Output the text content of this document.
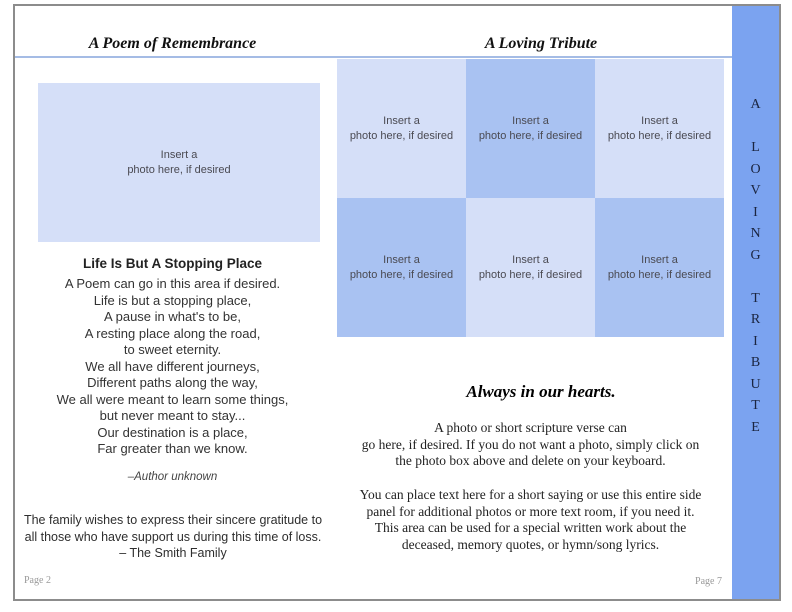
A Poem of Remembrance	A Loving Tribute
Insert a
photo here, if desired
Life Is But A Stopping Place
A Poem can go in this area if desired.
Life is but a stopping place,
A pause in what's to be,
A resting place along the road,
to sweet eternity.
We all have different journeys,
Different paths along the way,
We all were meant to learn some things,
but never meant to stay...
Our destination is a place,
Far greater than we know.
–Author unknown
The family wishes to express their sincere gratitude to
all those who have support us during this time of loss.
– The Smith Family
Page 2
Insert a
photo here, if desired
Insert a
photo here, if desired
Insert a
photo here, if desired
Insert a
photo here, if desired
Insert a
photo here, if desired
Insert a
photo here, if desired
Always in our hearts.
A photo or short scripture verse can
go here, if desired. If you do not want a photo, simply click on
the photo box above and delete on your keyboard.
You can place text here for a short saying or use this entire side
panel for additional photos or more text room, if you need it.
This area can be used for a special written work about the
deceased, memory quotes, or hymn/song lyrics.
Page 7
A

L
O
V
I
N
G

T
R
I
B
U
T
E
